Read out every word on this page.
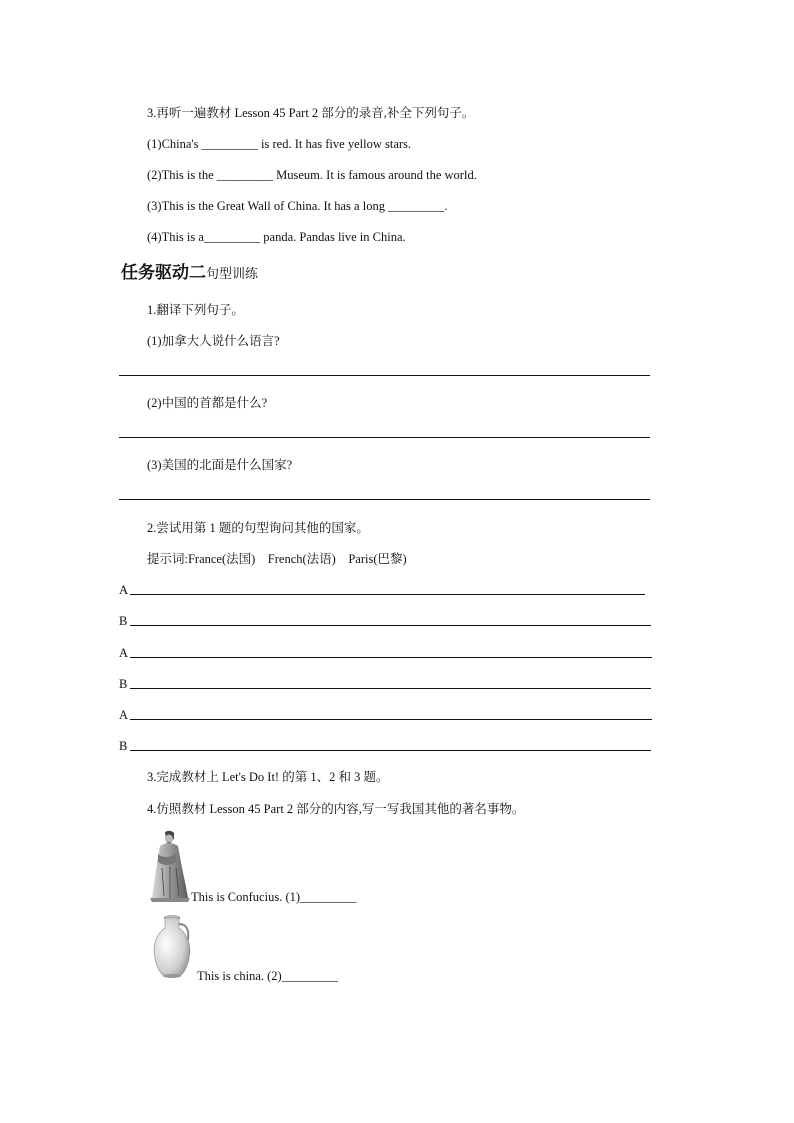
3.再听一遍教材 Lesson 45 Part 2 部分的录音,补全下列句子。
(1)China's _________ is red. It has five yellow stars.
(2)This is the _________ Museum. It is famous around the world.
(3)This is the Great Wall of China. It has a long _________.
(4)This is a_________ panda. Pandas live in China.
任务驱动二句型训练
1.翻译下列句子。
(1)加拿大人说什么语言?
(2)中国的首都是什么?
(3)美国的北面是什么国家?
2.尝试用第 1 题的句型询问其他的国家。
提示词:France(法国)    French(法语)    Paris(巴黎)
A
B
A
B
A
B
3.完成教材上 Let's Do It! 的第 1、2 和 3 题。
4.仿照教材 Lesson 45 Part 2 部分的内容,写一写我国其他的著名事物。
This is Confucius. (1)_________
This is china. (2)_________
